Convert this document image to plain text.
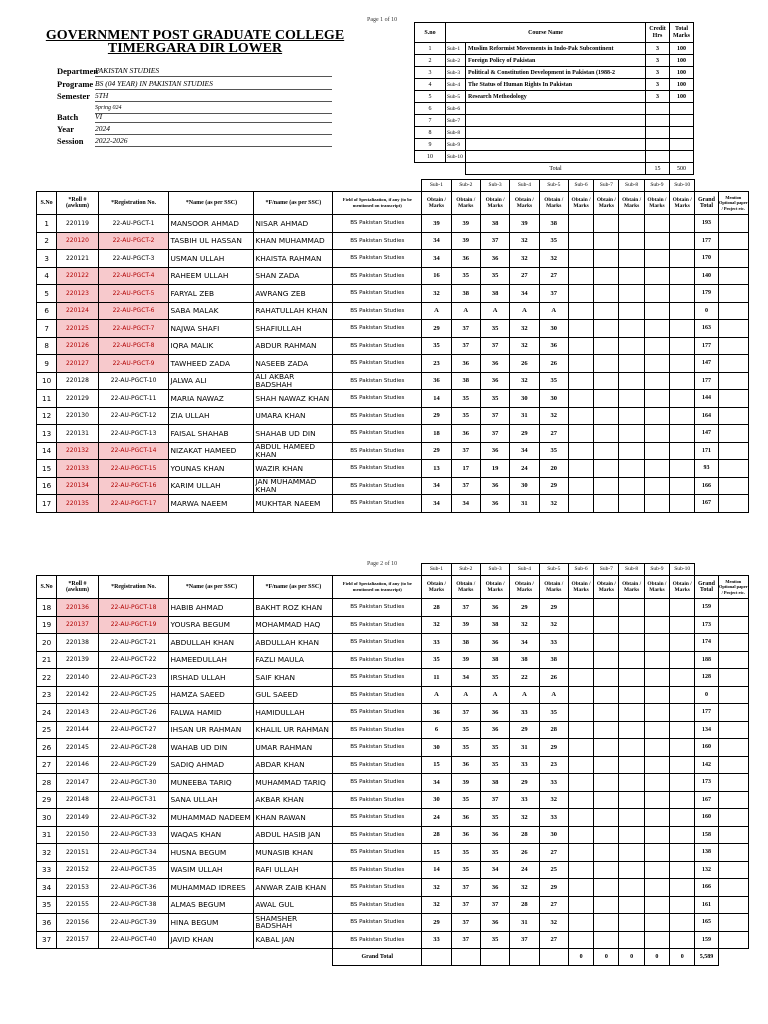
Page 1 of 10
GOVERNMENT POST GRADUATE COLLEGE
TIMERGARA DIR LOWER
Departmen
PAKISTAN STUDIES
Programe BS (04 YEAR) IN PAKISTAN STUDIES
Semester 5TH
Spring 024
Batch VI
Year	2024
Session 2022-2026
S.no	Course Name		Credit Hrs	Total Marks
1	Sub-1	Muslim Reformist Movements in Indo-Pak Subcontinent	3	100
2	Sub-2	Foreign Policy of Pakistan	3	100
3	Sub-3	Political & Constitution Development in Pakistan (1988-2	3	100
4	Sub-4	The Status of Human Rights In Pakistan	3	100
5	Sub-5	Research Methodology	3	100
6	Sub-6			
7	Sub-7			
8	Sub-8			
9	Sub-9			
10	Sub-10			
		Total	15	500
						Sub-1	Sub-2	Sub-3	Sub-4	Sub-5	Sub-6	Sub-7	Sub-8	Sub-9	Sub-10		
S.No	*Roll # (awkum)	*Registration No.	*Name (as per SSC)	*F/name (as per SSC)	Field of Specialization, if any (to be mentioned on transcript)	Obtain / Marks	Obtain / Marks	Obtain / Marks	Obtain / Marks	Obtain / Marks	Obtain / Marks	Obtain / Marks	Obtain / Marks	Obtain / Marks	Obtain / Marks	Grand Total	Mention Optional paper / Project etc.
1	220119	22-AU-PGCT-1	MANSOOR AHMAD	NISAR AHMAD	BS Pakistan Studies	39	39	38	39	38						193	
2	220120	22-AU-PGCT-2	TASBIH UL HASSAN	KHAN MUHAMMAD	BS Pakistan Studies	34	39	37	32	35						177	
3	220121	22-AU-PGCT-3	USMAN ULLAH	KHAISTA RAHMAN	BS Pakistan Studies	34	36	36	32	32						170	
4	220122	22-AU-PGCT-4	RAHEEM ULLAH	SHAN ZADA	BS Pakistan Studies	16	35	35	27	27						140	
5	220123	22-AU-PGCT-5	FARYAL ZEB	AWRANG ZEB	BS Pakistan Studies	32	38	38	34	37						179	
6	220124	22-AU-PGCT-6	SABA MALAK	RAHATULLAH KHAN	BS Pakistan Studies	A	A	A	A	A						0	
7	220125	22-AU-PGCT-7	NAJWA SHAFI	SHAFIULLAH	BS Pakistan Studies	29	37	35	32	30						163	
8	220126	22-AU-PGCT-8	IQRA MALIK	ABDUR RAHMAN	BS Pakistan Studies	35	37	37	32	36						177	
9	220127	22-AU-PGCT-9	TAWHEED ZADA	NASEEB ZADA	BS Pakistan Studies	23	36	36	26	26						147	
10	220128	22-AU-PGCT-10	JALWA ALI	ALI AKBAR BADSHAH	BS Pakistan Studies	36	38	36	32	35						177	
11	220129	22-AU-PGCT-11	MARIA NAWAZ	SHAH NAWAZ KHAN	BS Pakistan Studies	14	35	35	30	30						144	
12	220130	22-AU-PGCT-12	ZIA ULLAH	UMARA KHAN	BS Pakistan Studies	29	35	37	31	32						164	
13	220131	22-AU-PGCT-13	FAISAL SHAHAB	SHAHAB UD DIN	BS Pakistan Studies	18	36	37	29	27						147	
14	220132	22-AU-PGCT-14	NIZAKAT HAMEED	ABDUL HAMEED KHAN	BS Pakistan Studies	29	37	36	34	35						171	
15	220133	22-AU-PGCT-15	YOUNAS KHAN	WAZIR KHAN	BS Pakistan Studies	13	17	19	24	20						93	
16	220134	22-AU-PGCT-16	KARIM ULLAH	JAN MUHAMMAD KHAN	BS Pakistan Studies	34	37	36	30	29						166	
17	220135	22-AU-PGCT-17	MARWA NAEEM	MUKHTAR NAEEM	BS Pakistan Studies	34	34	36	31	32						167	
Page 2 of 10
						Sub-1	Sub-2	Sub-3	Sub-4	Sub-5	Sub-6	Sub-7	Sub-8	Sub-9	Sub-10		
S.No	*Roll # (awkum)	*Registration No.	*Name (as per SSC)	*F/name (as per SSC)	Field of Specialization, if any (to be mentioned on transcript)	Obtain / Marks	Obtain / Marks	Obtain / Marks	Obtain / Marks	Obtain / Marks	Obtain / Marks	Obtain / Marks	Obtain / Marks	Obtain / Marks	Obtain / Marks	Grand Total	Mention Optional paper / Project etc.
18	220136	22-AU-PGCT-18	HABIB AHMAD	BAKHT ROZ KHAN	BS Pakistan Studies	28	37	36	29	29						159	
19	220137	22-AU-PGCT-19	YOUSRA BEGUM	MOHAMMAD HAQ	BS Pakistan Studies	32	39	38	32	32						173	
20	220138	22-AU-PGCT-21	ABDULLAH KHAN	ABDULLAH KHAN	BS Pakistan Studies	33	38	36	34	33						174	
21	220139	22-AU-PGCT-22	HAMEEDULLAH	FAZLI MAULA	BS Pakistan Studies	35	39	38	38	38						188	
22	220140	22-AU-PGCT-23	IRSHAD ULLAH	SAIF KHAN	BS Pakistan Studies	11	34	35	22	26						128	
23	220142	22-AU-PGCT-25	HAMZA SAEED	GUL SAEED	BS Pakistan Studies	A	A	A	A	A						0	
24	220143	22-AU-PGCT-26	FALWA HAMID	HAMIDULLAH	BS Pakistan Studies	36	37	36	33	35						177	
25	220144	22-AU-PGCT-27	IHSAN UR RAHMAN	KHALIL UR RAHMAN	BS Pakistan Studies	6	35	36	29	28						134	
26	220145	22-AU-PGCT-28	WAHAB UD DIN	UMAR RAHMAN	BS Pakistan Studies	30	35	35	31	29						160	
27	220146	22-AU-PGCT-29	SADIQ AHMAD	ABDAR KHAN	BS Pakistan Studies	15	36	35	33	23						142	
28	220147	22-AU-PGCT-30	MUNEEBA TARIQ	MUHAMMAD TARIQ	BS Pakistan Studies	34	39	38	29	33						173	
29	220148	22-AU-PGCT-31	SANA ULLAH	AKBAR KHAN	BS Pakistan Studies	30	35	37	33	32						167	
30	220149	22-AU-PGCT-32	MUHAMMAD NADEEM	KHAN RAWAN	BS Pakistan Studies	24	36	35	32	33						160	
31	220150	22-AU-PGCT-33	WAQAS KHAN	ABDUL HASIB JAN	BS Pakistan Studies	28	36	36	28	30						158	
32	220151	22-AU-PGCT-34	HUSNA BEGUM	MUNASIB KHAN	BS Pakistan Studies	15	35	35	26	27						138	
33	220152	22-AU-PGCT-35	WASIM ULLAH	RAFI ULLAH	BS Pakistan Studies	14	35	34	24	25						132	
34	220153	22-AU-PGCT-36	MUHAMMAD IDREES	ANWAR ZAIB KHAN	BS Pakistan Studies	32	37	36	32	29						166	
35	220155	22-AU-PGCT-38	ALMAS BEGUM	AWAL GUL	BS Pakistan Studies	32	37	37	28	27						161	
36	220156	22-AU-PGCT-39	HINA BEGUM	SHAMSHER BADSHAH	BS Pakistan Studies	29	37	36	31	32						165	
37	220157	22-AU-PGCT-40	JAVID KHAN	KABAL JAN	BS Pakistan Studies	33	37	35	37	27						159	
					Grand Total						0	0	0	0	0	5,589	
